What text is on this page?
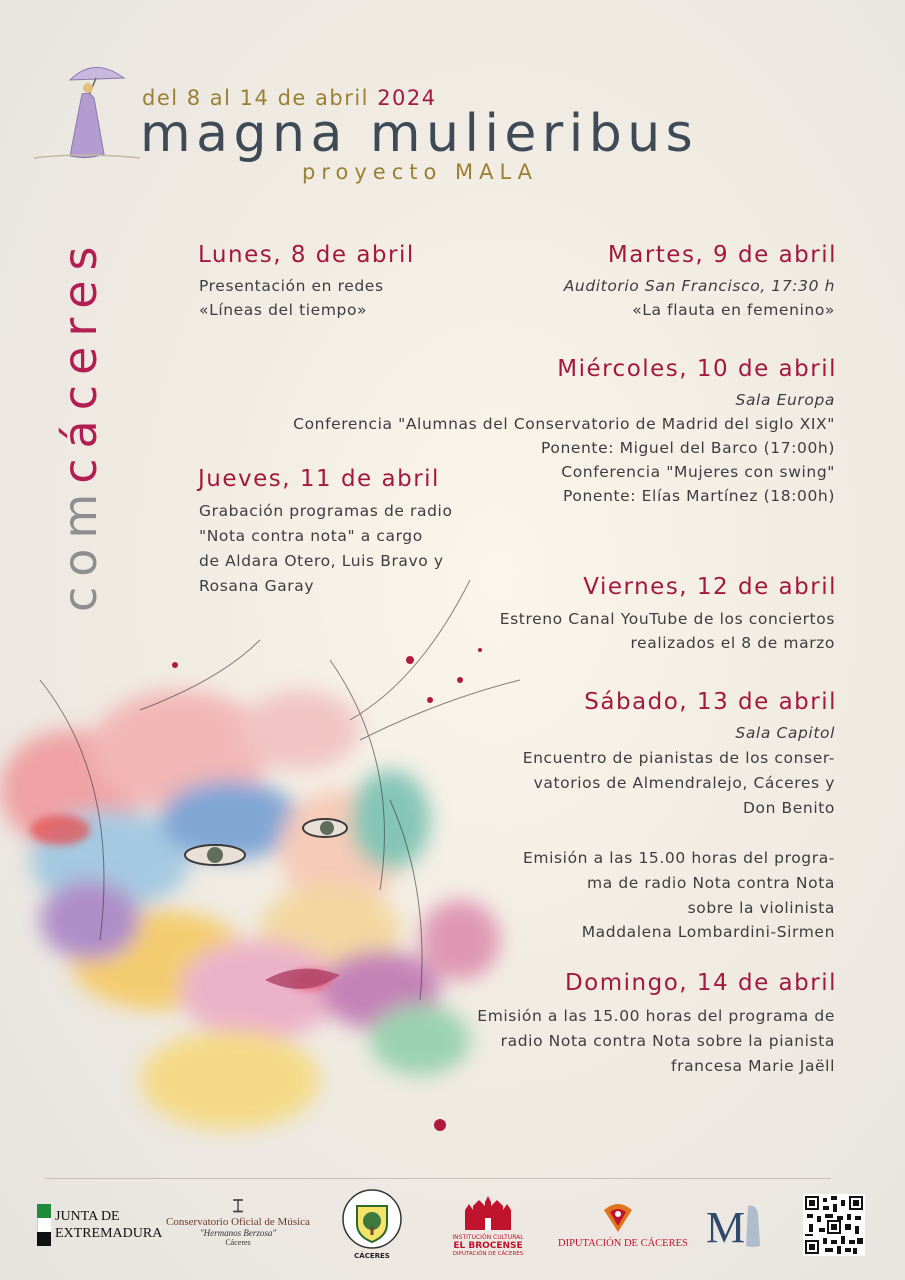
del 8 al 14 de abril 2024
magna mulieribus
proyecto MALA
comcáceres	Lunes, 8 de abril
Presentación en redes
«Líneas del tiempo»
Martes, 9 de abril
Auditorio San Francisco, 17:30 h
«La flauta en femenino»
Miércoles, 10 de abril
Sala Europa
Conferencia "Alumnas del Conservatorio de Madrid del siglo XIX"
Ponente: Miguel del Barco (17:00h)
Conferencia "Mujeres con swing"
Ponente: Elías Martínez (18:00h)
Jueves, 11 de abril
Grabación programas de radio
"Nota contra nota" a cargo
de Aldara Otero, Luis Bravo y
Rosana Garay	Viernes, 12 de abril
Estreno Canal YouTube de los conciertos
realizados el 8 de marzo
Sábado, 13 de abril
Sala Capitol
Encuentro de pianistas de los conser-
vatorios de Almendralejo, Cáceres y
Don Benito
Emisión a las 15.00 horas del progra-
ma de radio Nota contra Nota
sobre la violinista
Maddalena Lombardini-Sirmen
Domingo, 14 de abril
Emisión a las 15.00 horas del programa de
radio Nota contra Nota sobre la pianista
francesa Marie Jaëll
JUNTA DE
EXTREMADURA
⌶
Conservatorio Oficial de Música
"Hermanos Berzosa"
Cáceres
CÁCERES
INSTITUCIÓN CULTURAL
EL BROCENSE
DIPUTACIÓN DE CÁCERES
DIPUTACIÓN DE CÁCERES M
